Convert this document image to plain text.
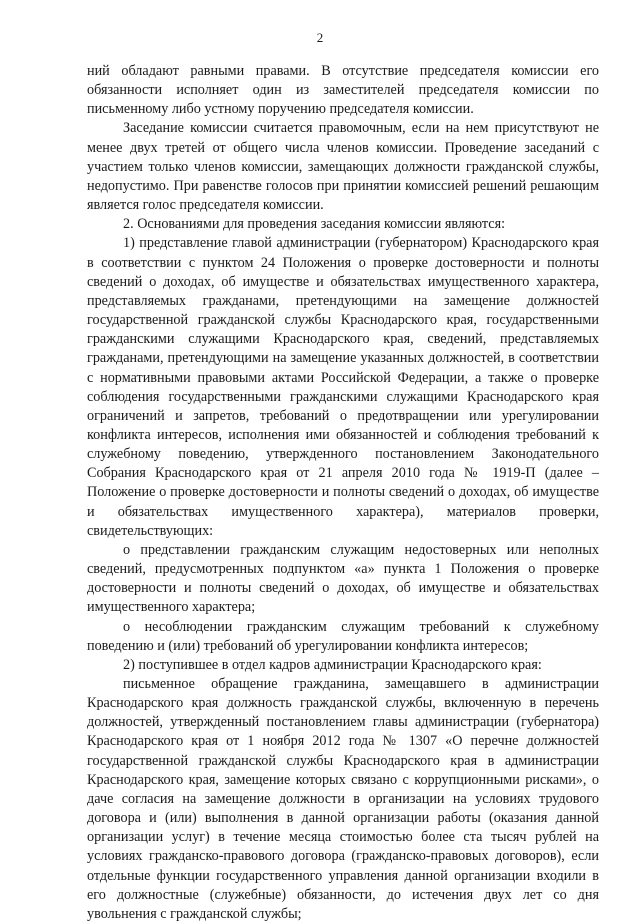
2

ний обладают равными правами. В отсутствие председателя комиссии его обязанности исполняет один из заместителей председателя комиссии по письменному либо устному поручению председателя комиссии.

Заседание комиссии считается правомочным, если на нем присутствуют не менее двух третей от общего числа членов комиссии. Проведение заседаний с участием только членов комиссии, замещающих должности гражданской службы, недопустимо. При равенстве голосов при принятии комиссией решений решающим является голос председателя комиссии.

2. Основаниями для проведения заседания комиссии являются:

1) представление главой администрации (губернатором) Краснодарского края в соответствии с пунктом 24 Положения о проверке достоверности и полноты сведений о доходах, об имуществе и обязательствах имущественного характера, представляемых гражданами, претендующими на замещение должностей государственной гражданской службы Краснодарского края, государственными гражданскими служащими Краснодарского края, сведений, представляемых гражданами, претендующими на замещение указанных должностей, в соответствии с нормативными правовыми актами Российской Федерации, а также о проверке соблюдения государственными гражданскими служащими Краснодарского края ограничений и запретов, требований о предотвращении или урегулировании конфликта интересов, исполнения ими обязанностей и соблюдения требований к служебному поведению, утвержденного постановлением Законодательного Собрания Краснодарского края от 21 апреля 2010 года № 1919-П (далее – Положение о проверке достоверности и полноты сведений о доходах, об имуществе и обязательствах имущественного характера), материалов проверки, свидетельствующих:

о представлении гражданским служащим недостоверных или неполных сведений, предусмотренных подпунктом «а» пункта 1 Положения о проверке достоверности и полноты сведений о доходах, об имуществе и обязательствах имущественного характера;

о несоблюдении гражданским служащим требований к служебному поведению и (или) требований об урегулировании конфликта интересов;

2) поступившее в отдел кадров администрации Краснодарского края:

письменное обращение гражданина, замещавшего в администрации Краснодарского края должность гражданской службы, включенную в перечень должностей, утвержденный постановлением главы администрации (губернатора) Краснодарского края от 1 ноября 2012 года № 1307 «О перечне должностей государственной гражданской службы Краснодарского края в администрации Краснодарского края, замещение которых связано с коррупционными рисками», о даче согласия на замещение должности в организации на условиях трудового договора и (или) выполнения в данной организации работы (оказания данной организации услуг) в течение месяца стоимостью более ста тысяч рублей на условиях гражданско-правового договора (гражданско-правовых договоров), если отдельные функции государственного управления данной организации входили в его должностные (служебные) обязанности, до истечения двух лет со дня увольнения с гражданской службы;
